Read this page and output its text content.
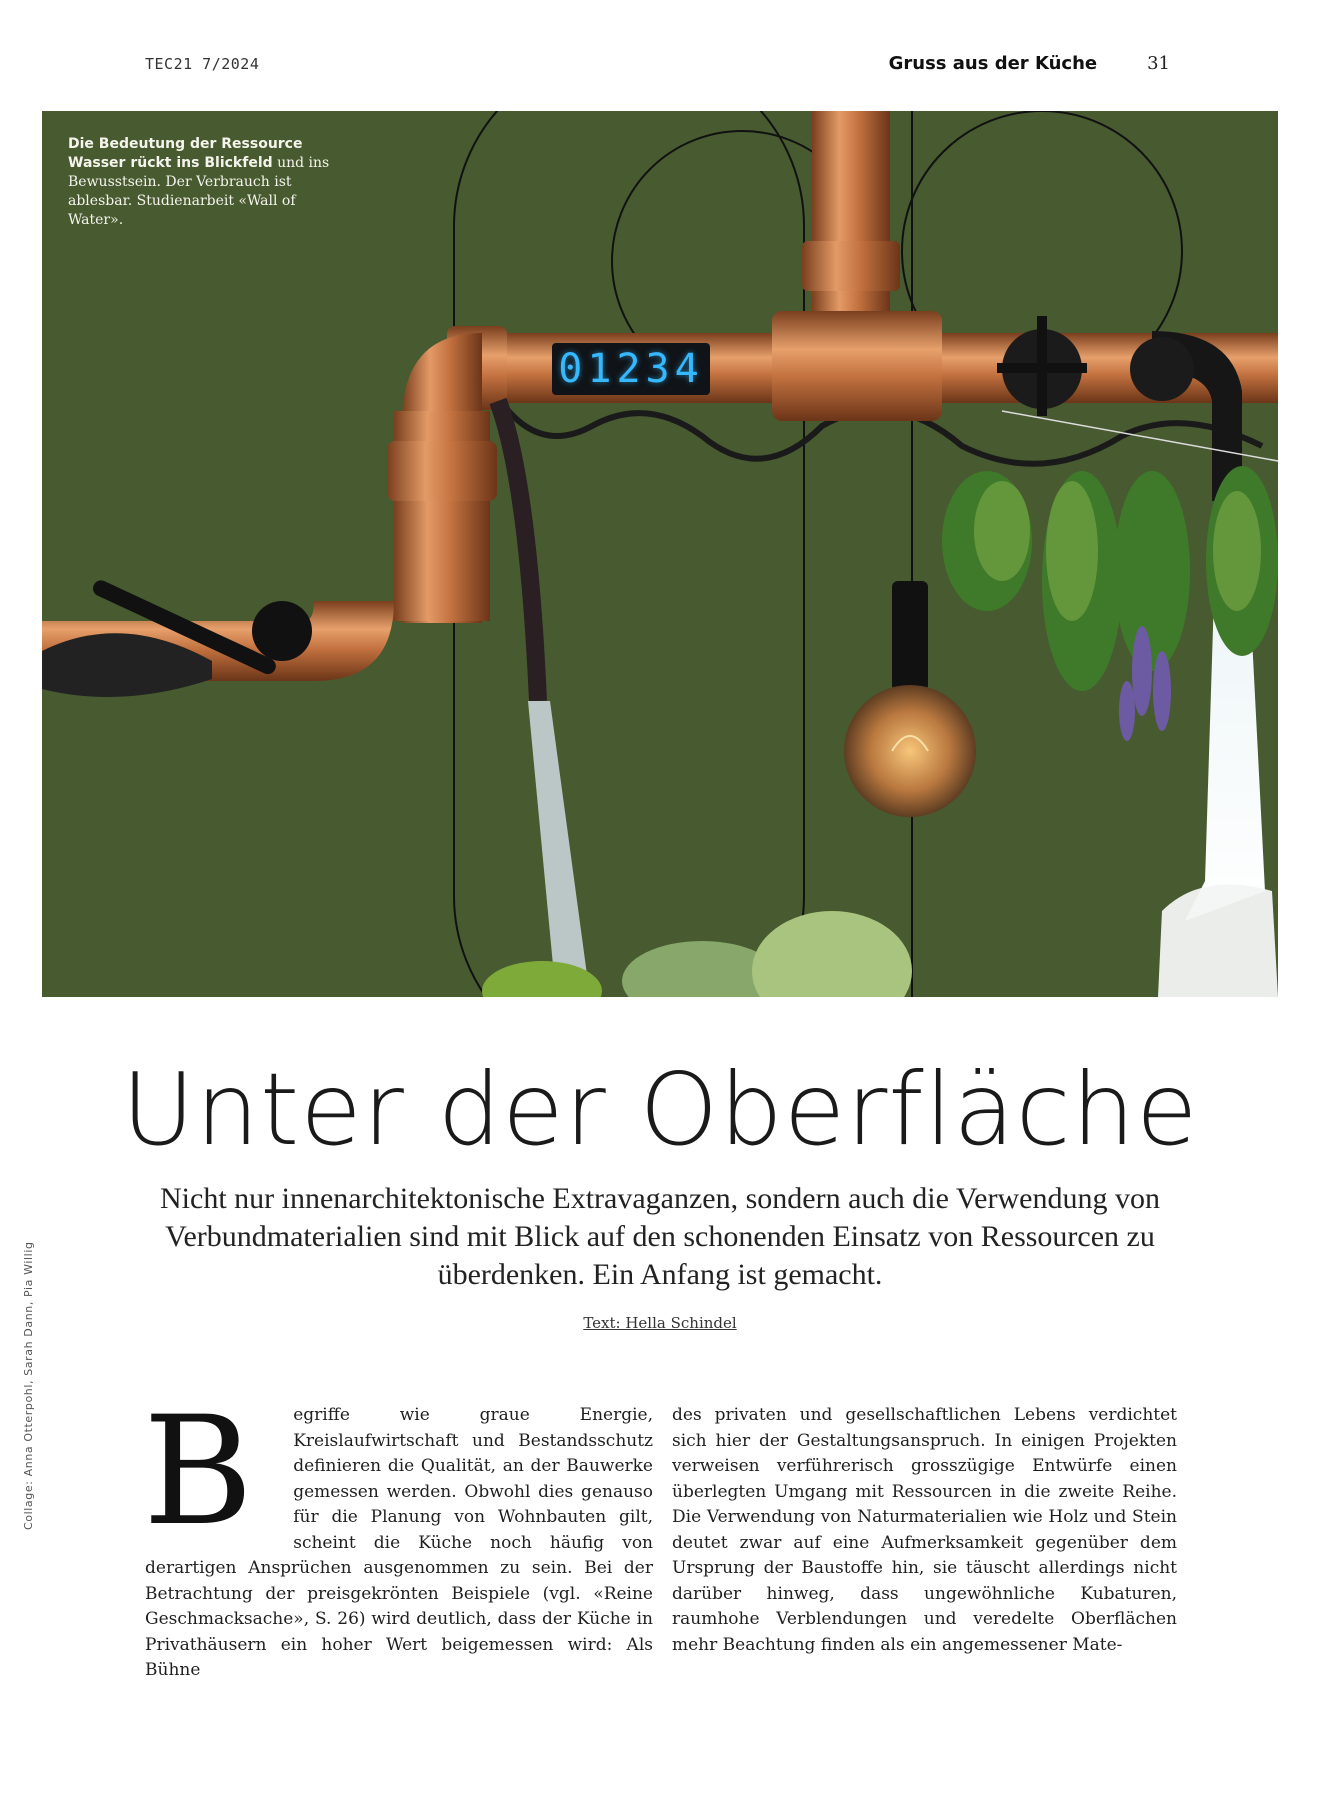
TEC21 7/2024	Gruss aus der Küche	31
Die Bedeutung der Ressource Wasser rückt ins Blickfeld und ins Bewusstsein. Der Verbrauch ist ablesbar. Studienarbeit «Wall of Water».
01234
Collage: Anna Otterpohl, Sarah Dann, Pia Willig
Unter der Oberfläche
Nicht nur innenarchitektonische Extravaganzen, sondern auch die Verwendung von Verbundmaterialien sind mit Blick auf den schonenden Einsatz von Ressourcen zu überdenken. Ein Anfang ist gemacht.
Text: Hella Schindel
B egriffe wie graue Energie, Kreislaufwirtschaft und Bestandsschutz definieren die Qualität, an der Bauwerke gemessen werden. Obwohl dies genauso für die Planung von Wohnbauten gilt, scheint die Küche noch häufig von derartigen Ansprüchen ausgenommen zu sein. Bei der Betrachtung der preisgekrönten Beispiele (vgl. «Reine Geschmacksache», S. 26) wird deutlich, dass der Küche in Privathäusern ein hoher Wert beigemessen wird: Als Bühne
des privaten und gesellschaftlichen Lebens verdichtet sich hier der Gestaltungsanspruch. In einigen Projekten verweisen verführerisch grosszügige Entwürfe einen überlegten Umgang mit Ressourcen in die zweite Reihe. Die Verwendung von Naturmaterialien wie Holz und Stein deutet zwar auf eine Aufmerksamkeit gegenüber dem Ursprung der Baustoffe hin, sie täuscht allerdings nicht darüber hinweg, dass ungewöhnliche Kubaturen, raumhohe Verblendungen und veredelte Oberflächen mehr Beachtung finden als ein angemessener Mate-
